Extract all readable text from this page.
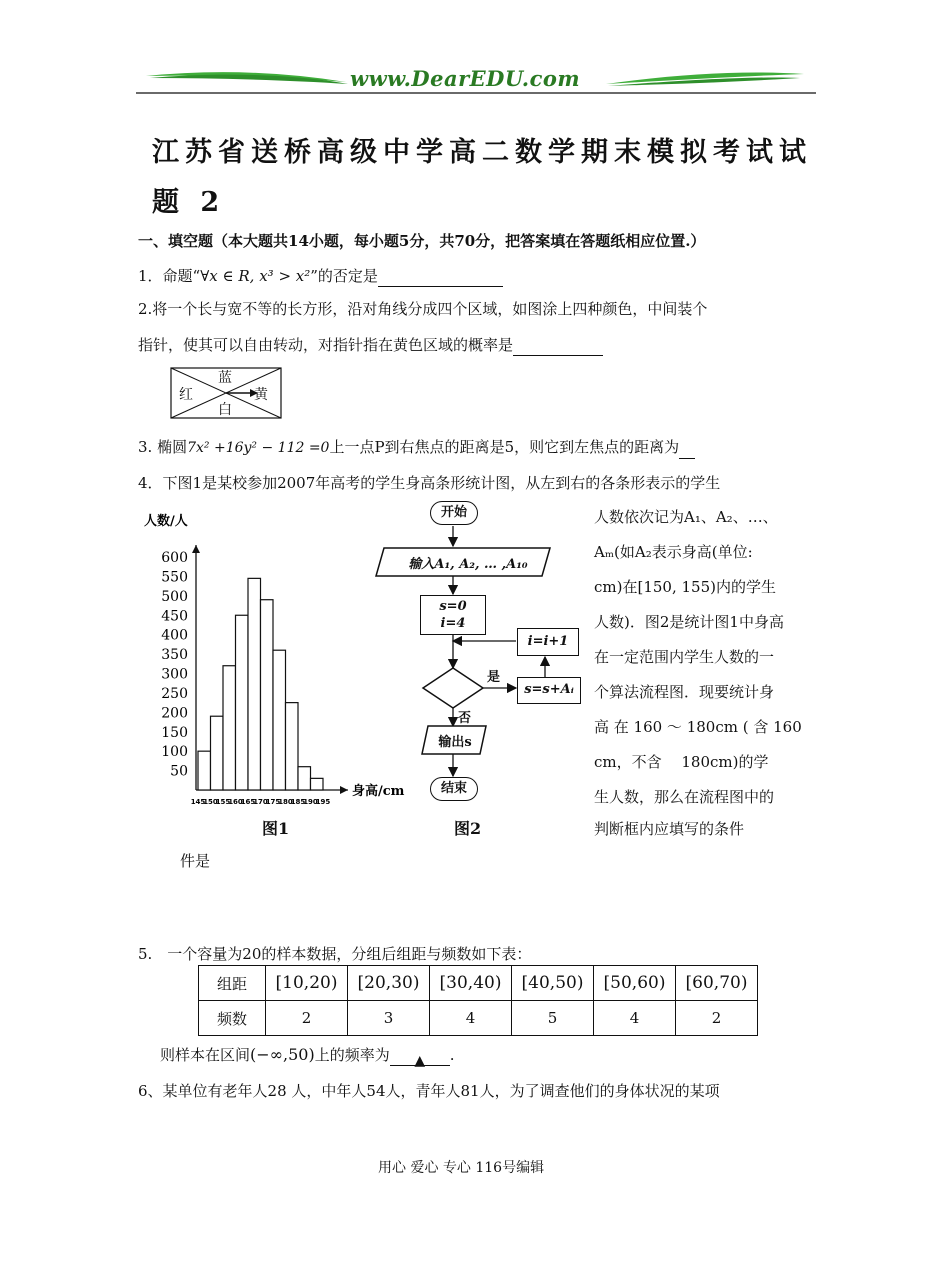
www.DearEDU.com
江苏省送桥高级中学高二数学期末模拟考试试
题 2
一、填空题（本大题共14小题，每小题5分，共70分，把答案填在答题纸相应位置.）
1．命题“∀x ∈ R, x³ > x²”的否定是
2.将一个长与宽不等的长方形，沿对角线分成四个区域，如图涂上四种颜色，中间装个
指针，使其可以自由转动，对指针指在黄色区域的概率是
蓝
红	黄
白
3. 椭圆7x² +16y² − 112 =0上一点P到右焦点的距离是5，则它到左焦点的距离为
4．下图1是某校参加2007年高考的学生身高条形统计图，从左到右的各条形表示的学生
人数/人
身高/cm
50
100
150
200
250
300
350
400
450
500
550
600
145
150
155
160
165
170
175
180
185
190
195
图1
开始
输入A₁, A₂, … ,A₁₀
s=0
i=4
i=i+1
s=s+Aᵢ
是
否
输出s
结束
图2
人数依次记为A₁、A₂、…、
Aₘ(如A₂表示身高(单位:
cm)在[150, 155)内的学生
人数)．图2是统计图1中身高
在一定范围内学生人数的一
个算法流程图．现要统计身
高 在 160 ～ 180cm ( 含 160
cm，不含　 180cm)的学
生人数，那么在流程图中的
判断框内应填写的条件
件是
5.　一个容量为20的样本数据，分组后组距与频数如下表：
组距	[10,20)	[20,30)	[30,40)	[40,50)	[50,60)	[60,70)
频数	2	3	4	5	4	2
则样本在区间(−∞,50)上的频率为 ▲ .
6、某单位有老年人28 人，中年人54人，青年人81人，为了调查他们的身体状况的某项
用心 爱心 专心 116号编辑
